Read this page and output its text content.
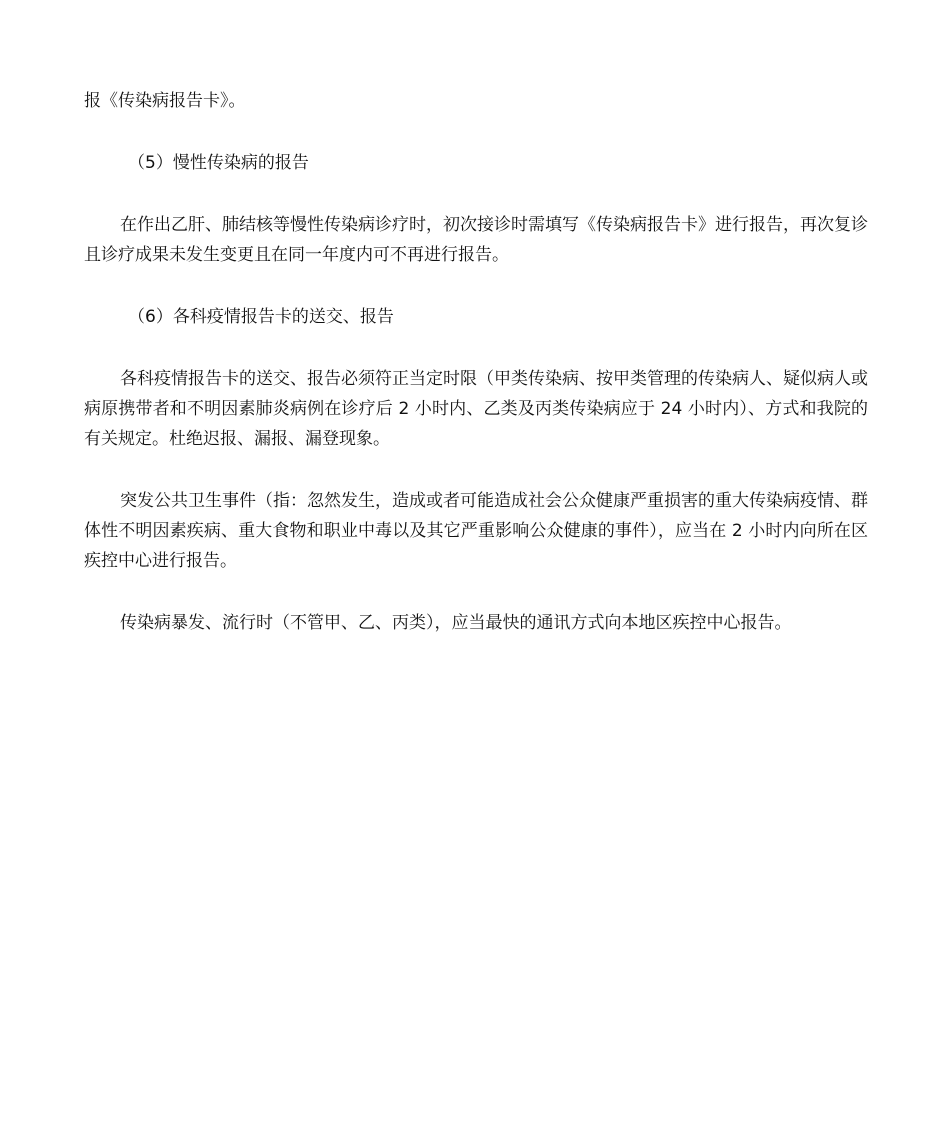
报《传染病报告卡》。

（5）慢性传染病的报告

在作出乙肝、肺结核等慢性传染病诊疗时，初次接诊时需填写《传染病报告卡》进行报告，再次复诊且诊疗成果未发生变更且在同一年度内可不再进行报告。

（6）各科疫情报告卡的送交、报告

各科疫情报告卡的送交、报告必须符正当定时限（甲类传染病、按甲类管理的传染病人、疑似病人或病原携带者和不明因素肺炎病例在诊疗后 2 小时内、乙类及丙类传染病应于 24 小时内）、方式和我院的有关规定。杜绝迟报、漏报、漏登现象。

突发公共卫生事件（指：忽然发生，造成或者可能造成社会公众健康严重损害的重大传染病疫情、群体性不明因素疾病、重大食物和职业中毒以及其它严重影响公众健康的事件），应当在 2 小时内向所在区疾控中心进行报告。

传染病暴发、流行时（不管甲、乙、丙类），应当最快的通讯方式向本地区疾控中心报告。
